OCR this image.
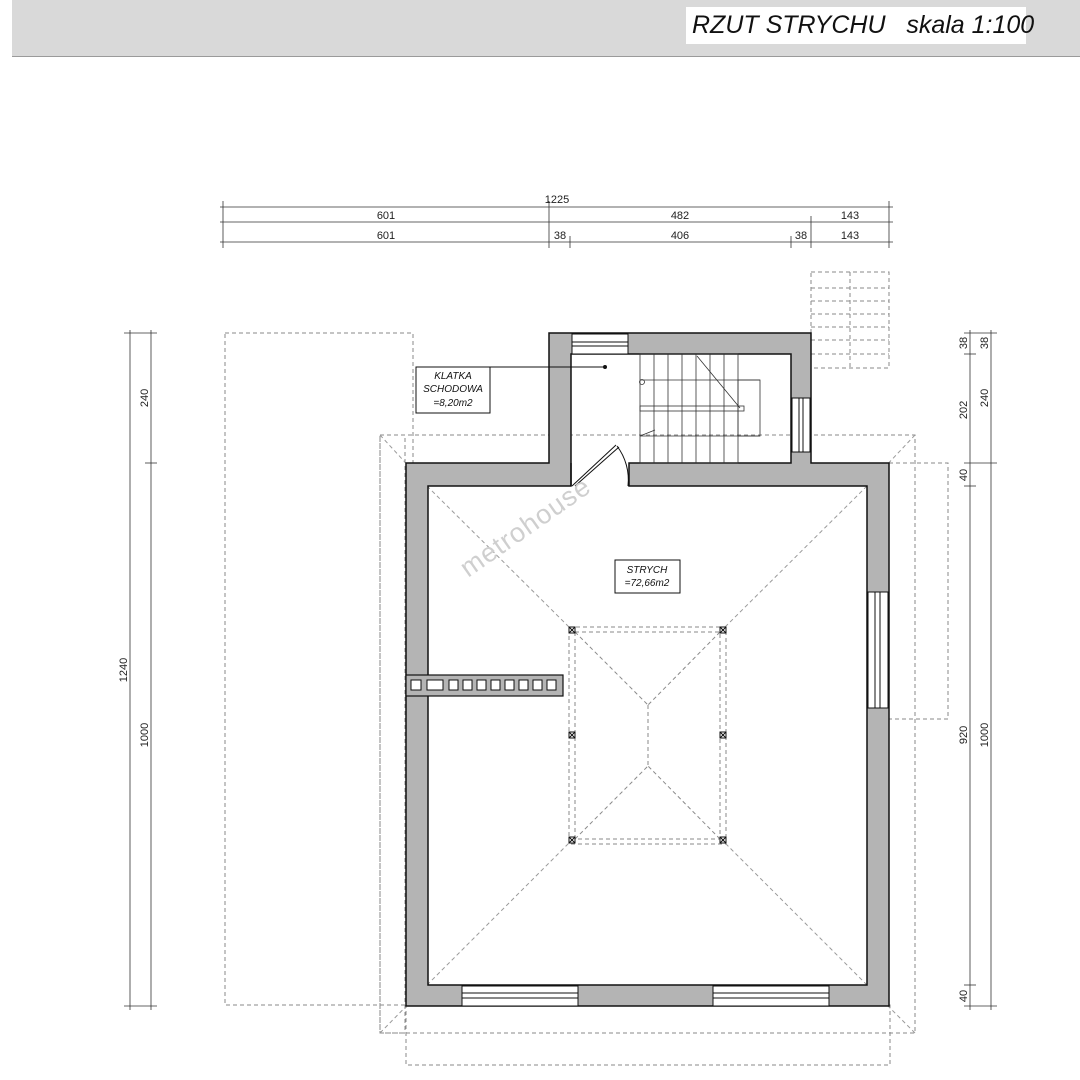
RZUT STRYCHU   skala 1:100
KLATKA
SCHODOWA
=8,20m2
STRYCH
=72,66m2
metrohouse
1225
601	482	143
601	38	406	38	143
1240
240
1000
38
202
40
920
40
38
240
1000
